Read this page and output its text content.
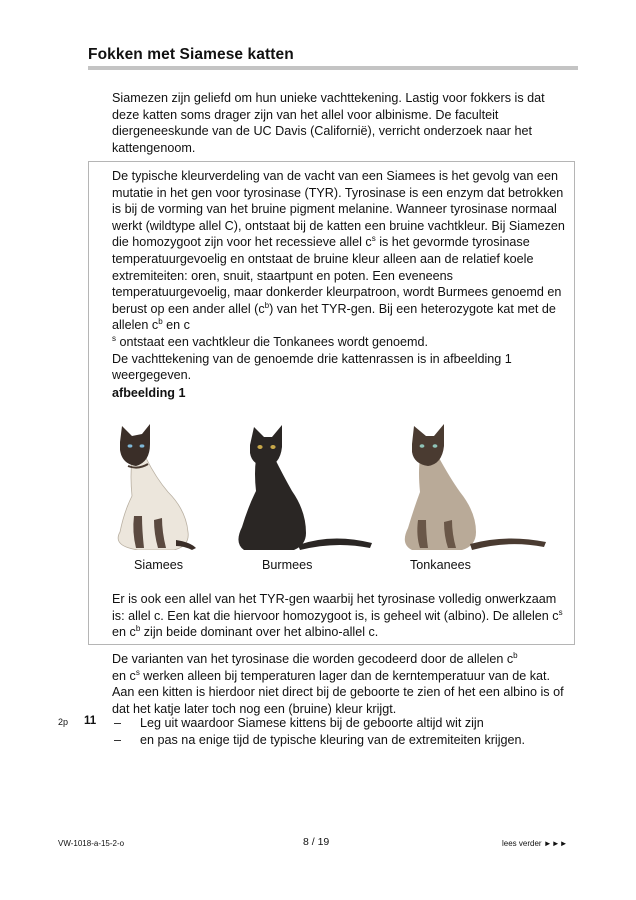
Fokken met Siamese katten

Siamezen zijn geliefd om hun unieke vachttekening. Lastig voor fokkers is dat deze katten soms drager zijn van het allel voor albinisme. De faculteit diergeneeskunde van de UC Davis (Californië), verricht onderzoek naar het kattengenoom.

De typische kleurverdeling van de vacht van een Siamees is het gevolg van een mutatie in het gen voor tyrosinase (TYR). Tyrosinase is een enzym dat betrokken is bij de vorming van het bruine pigment melanine. Wanneer tyrosinase normaal werkt (wildtype allel C), ontstaat bij de katten een bruine vachtkleur. Bij Siamezen die homozygoot zijn voor het recessieve allel $c^s$ is het gevormde tyrosinase temperatuurgevoelig en ontstaat de bruine kleur alleen aan de relatief koele extremiteiten: oren, snuit, staartpunt en poten. Een eveneens temperatuurgevoelig, maar donkerder kleurpatroon, wordt Burmees genoemd en berust op een ander allel $(c^b)$ van het TYR-gen. Bij een heterozygote kat met de allelen $c^b$ en c
$^s$ ontstaat een vachtkleur die Tonkanees wordt genoemd.
De vachttekening van de genoemde drie kattenrassen is in afbeelding 1 weergegeven.

afbeelding 1

Siamees	Burmees	Tonkanees

Er is ook een allel van het TYR-gen waarbij het tyrosinase volledig onwerkzaam is: allel c. Een kat die hiervoor homozygoot is, is geheel wit (albino). De allelen $c^s$ en $c^b$ zijn beide dominant over het albino-allel c.

De varianten van het tyrosinase die worden gecodeerd door de allelen $c^b$
en $c^s$ werken alleen bij temperaturen lager dan de kerntemperatuur van de kat. Aan een kitten is hierdoor niet direct bij de geboorte te zien of het een albino is of dat het katje later toch nog een (bruine) kleur krijgt.

2p 11 – Leg uit waardoor Siamese kittens bij de geboorte altijd wit zijn

– en pas na enige tijd de typische kleuring van de extremiteiten krijgen.

VW-1018-a-15-2-o	8 / 19	lees verder ►►►
